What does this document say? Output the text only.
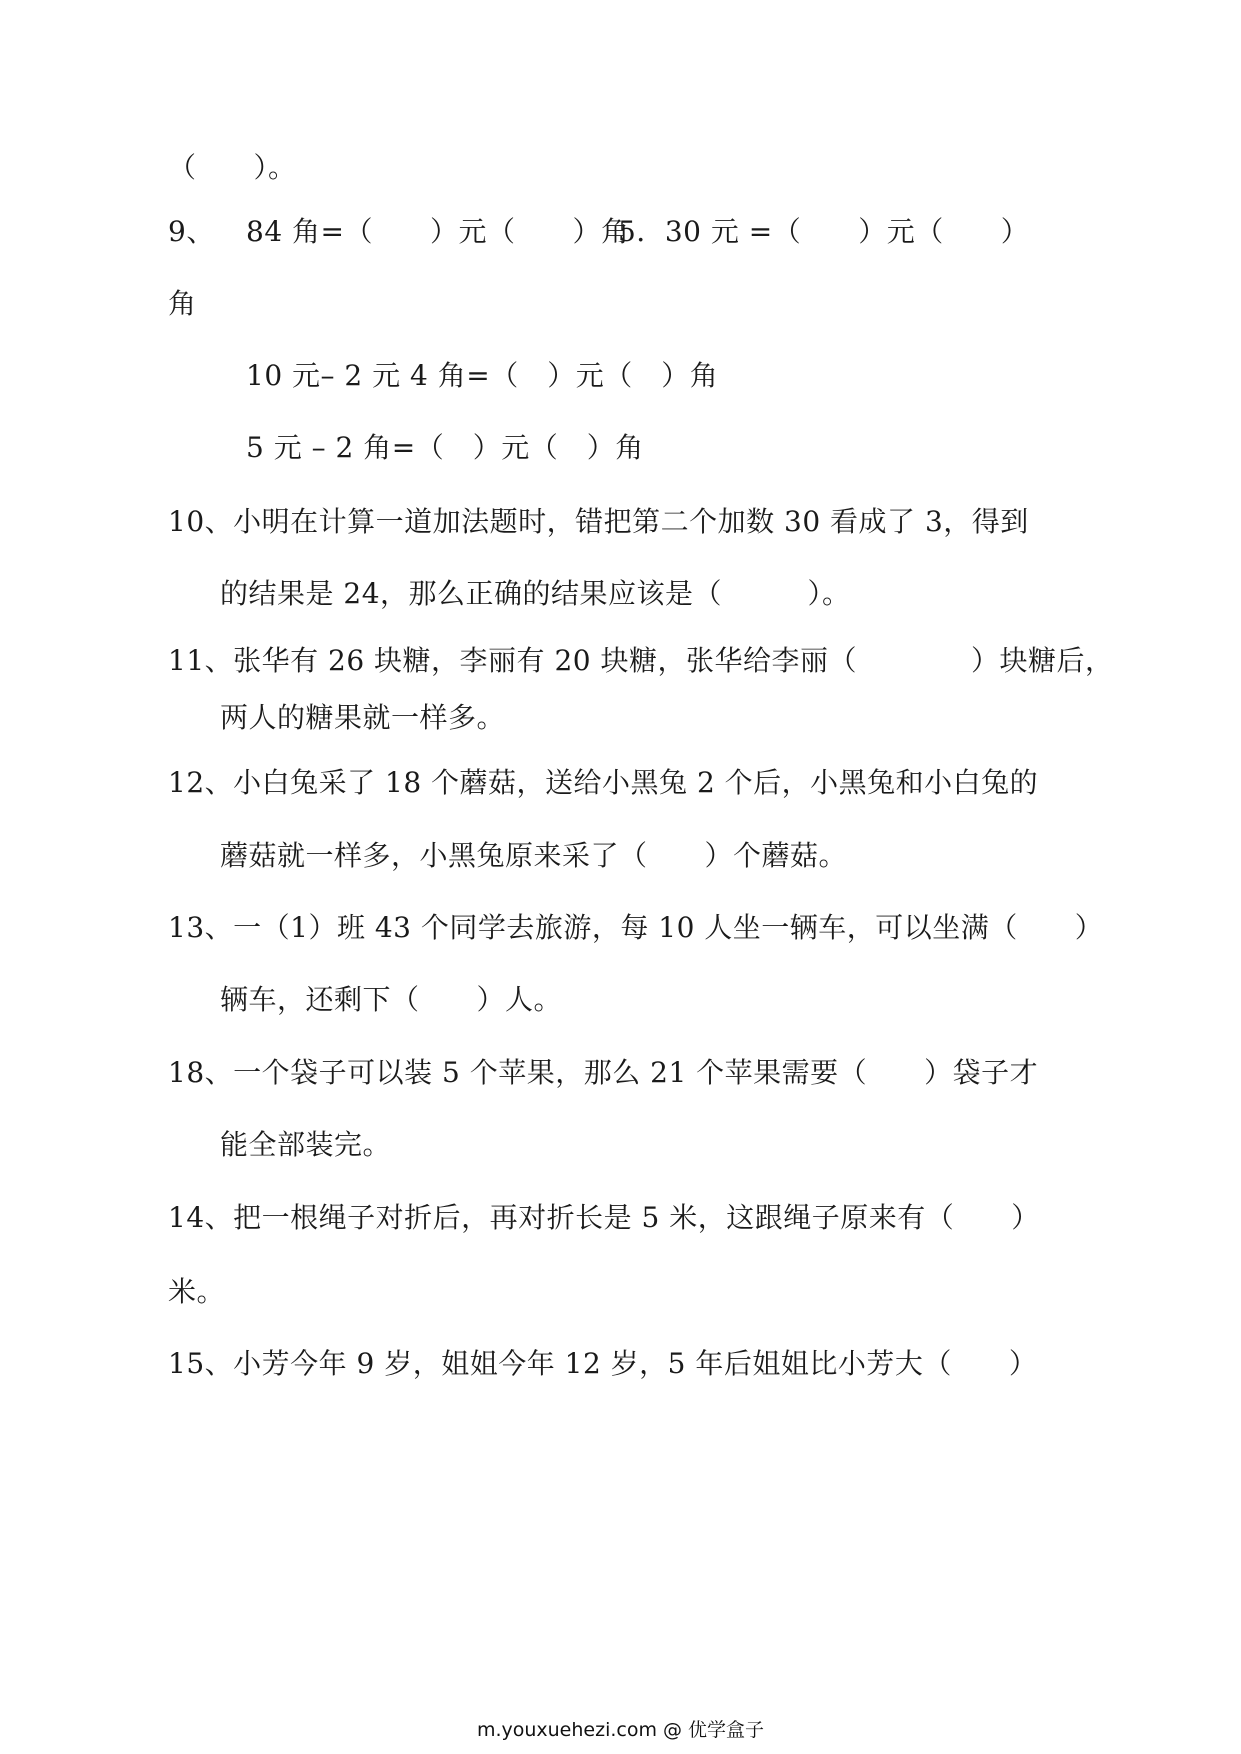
（　　）。
9、 84 角=（　　）元（　　）角
5．30 元 =（　　）元（　　）
角
10 元– 2 元 4 角=（　）元（　）角
5 元 – 2 角=（　）元（　）角
10、小明在计算一道加法题时，错把第二个加数 30 看成了 3，得到
的结果是 24，那么正确的结果应该是（　　　）。
11、张华有 26 块糖，李丽有 20 块糖，张华给李丽（　　　　）块糖后，
两人的糖果就一样多。
12、小白兔采了 18 个蘑菇，送给小黑兔 2 个后，小黑兔和小白兔的
蘑菇就一样多，小黑兔原来采了（　　）个蘑菇。
13、一（1）班 43 个同学去旅游，每 10 人坐一辆车，可以坐满（　　）
辆车，还剩下（　　）人。
18、一个袋子可以装 5 个苹果，那么 21 个苹果需要（　　）袋子才
能全部装完。
14、把一根绳子对折后，再对折长是 5 米，这跟绳子原来有（　　）
米。
15、小芳今年 9 岁，姐姐今年 12 岁，5 年后姐姐比小芳大（　　）
m.youxuehezi.com @ 优学盒子
